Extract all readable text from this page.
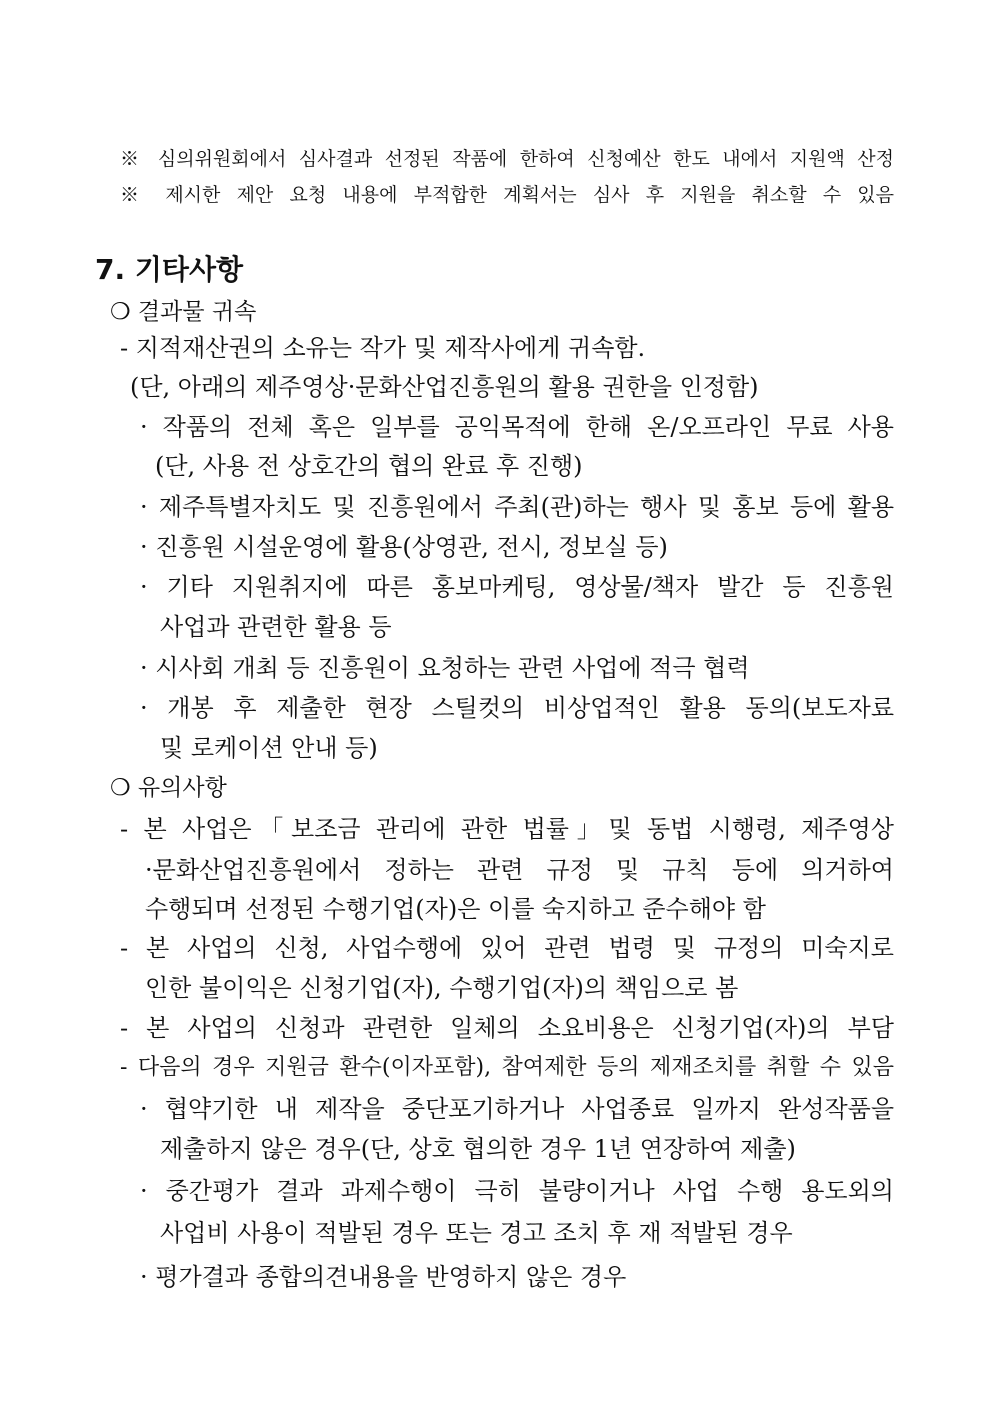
※ 심의위원회에서 심사결과 선정된 작품에 한하여 신청예산 한도 내에서 지원액 산정
※ 제시한 제안 요청 내용에 부적합한 계획서는 심사 후 지원을 취소할 수 있음
7. 기타사항
❍ 결과물 귀속
- 지적재산권의 소유는 작가 및 제작사에게 귀속함.
(단, 아래의 제주영상·문화산업진흥원의 활용 권한을 인정함)
· 작품의 전체 혹은 일부를 공익목적에 한해 온/오프라인 무료 사용
(단, 사용 전 상호간의 협의 완료 후 진행)
· 제주특별자치도 및 진흥원에서 주최(관)하는 행사 및 홍보 등에 활용
· 진흥원 시설운영에 활용(상영관, 전시, 정보실 등)
· 기타 지원취지에 따른 홍보마케팅, 영상물/책자 발간 등 진흥원
사업과 관련한 활용 등
· 시사회 개최 등 진흥원이 요청하는 관련 사업에 적극 협력
· 개봉 후 제출한 현장 스틸컷의 비상업적인 활용 동의(보도자료
및 로케이션 안내 등)
❍ 유의사항
- 본 사업은「보조금 관리에 관한 법률」및 동법 시행령, 제주영상
·문화산업진흥원에서 정하는 관련 규정 및 규칙 등에 의거하여
수행되며 선정된 수행기업(자)은 이를 숙지하고 준수해야 함
- 본 사업의 신청, 사업수행에 있어 관련 법령 및 규정의 미숙지로
인한 불이익은 신청기업(자), 수행기업(자)의 책임으로 봄
- 본 사업의 신청과 관련한 일체의 소요비용은 신청기업(자)의 부담
- 다음의 경우 지원금 환수(이자포함), 참여제한 등의 제재조치를 취할 수 있음
· 협약기한 내 제작을 중단포기하거나 사업종료 일까지 완성작품을
제출하지 않은 경우(단, 상호 협의한 경우 1년 연장하여 제출)
· 중간평가 결과 과제수행이 극히 불량이거나 사업 수행 용도외의
사업비 사용이 적발된 경우 또는 경고 조치 후 재 적발된 경우
· 평가결과 종합의견내용을 반영하지 않은 경우
